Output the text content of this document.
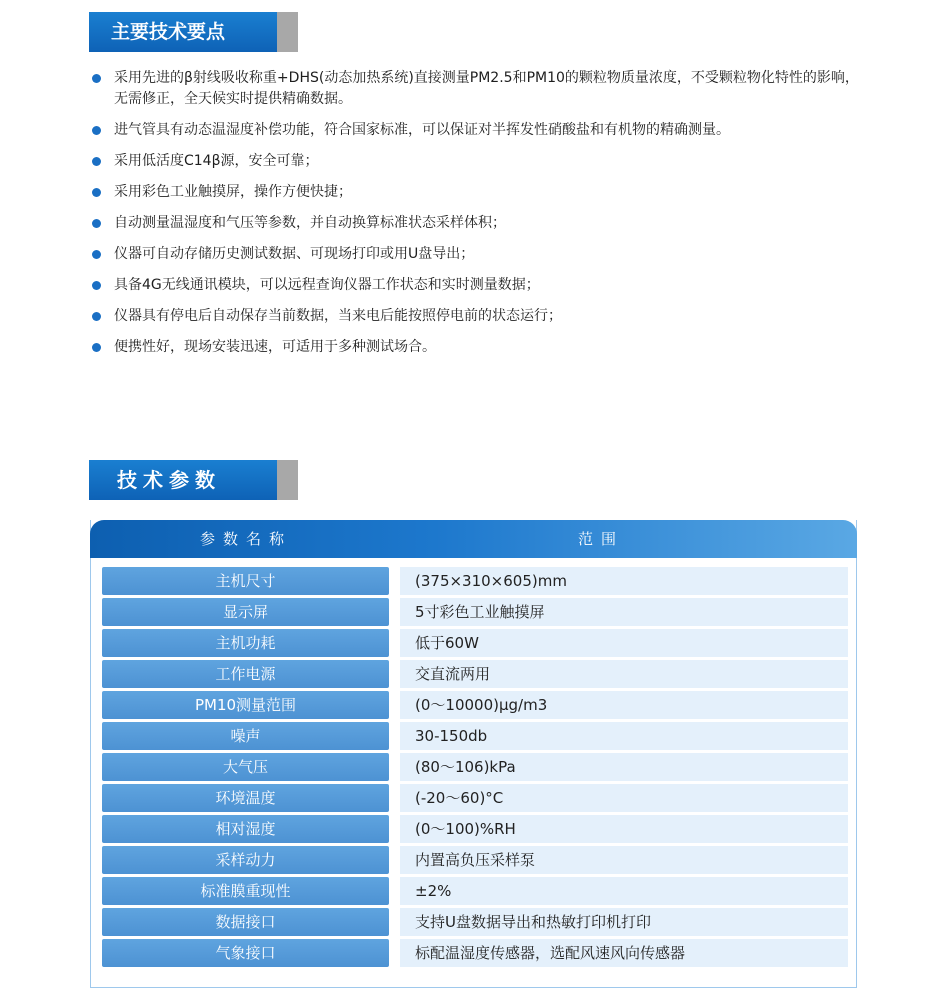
主要技术要点
采用先进的β射线吸收称重+DHS(动态加热系统)直接测量PM2.5和PM10的颗粒物质量浓度，不受颗粒物化特性的影响，无需修正，全天候实时提供精确数据。
进气管具有动态温湿度补偿功能，符合国家标准，可以保证对半挥发性硝酸盐和有机物的精确测量。
采用低活度C14β源，安全可靠；
采用彩色工业触摸屏，操作方便快捷；
自动测量温湿度和气压等参数，并自动换算标准状态采样体积；
仪器可自动存储历史测试数据、可现场打印或用U盘导出；
具备4G无线通讯模块，可以远程查询仪器工作状态和实时测量数据；
仪器具有停电后自动保存当前数据，当来电后能按照停电前的状态运行；
便携性好，现场安装迅速，可适用于多种测试场合。
技术参数
参数名称	范围
主机尺寸	(375×310×605)mm
显示屏	5寸彩色工业触摸屏
主机功耗	低于60W
工作电源	交直流两用
PM10测量范围	(0～10000)μg/m3
噪声	30-150db
大气压	(80～106)kPa
环境温度	(-20～60)°C
相对湿度	(0～100)%RH
采样动力	内置高负压采样泵
标准膜重现性	±2%
数据接口	支持U盘数据导出和热敏打印机打印
气象接口	标配温湿度传感器，选配风速风向传感器
